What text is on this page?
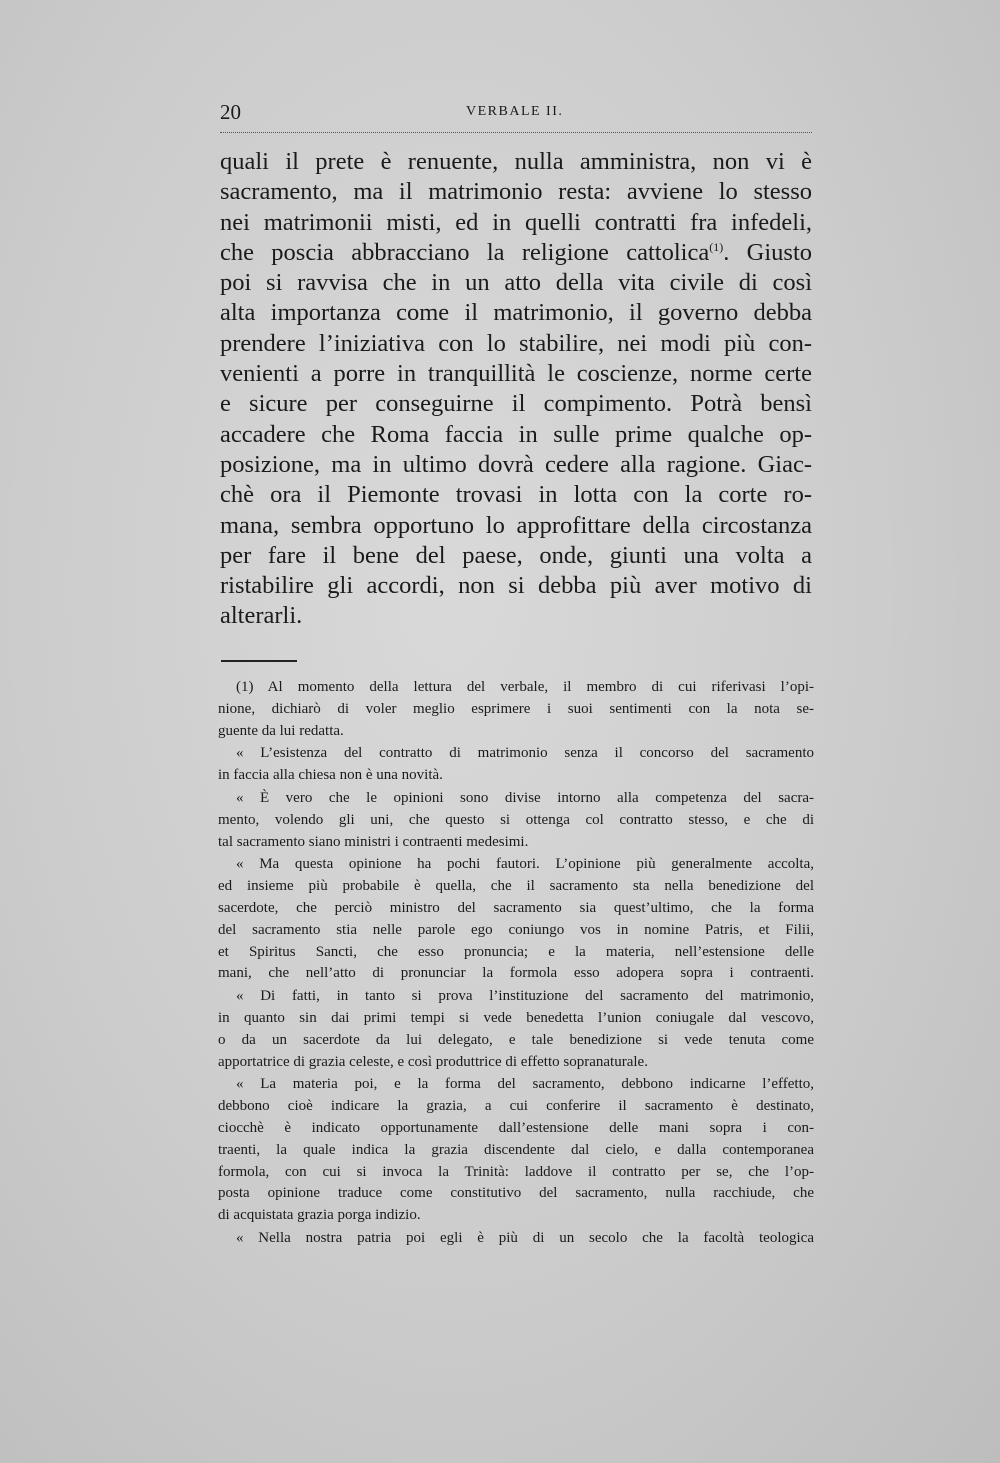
20	VERBALE II.
quali il prete è renuente, nulla amministra, non vi è
sacramento, ma il matrimonio resta: avviene lo stesso
nei matrimonii misti, ed in quelli contratti fra infedeli,
che poscia abbracciano la religione cattolica$^{(1)}$. Giusto
poi si ravvisa che in un atto della vita civile di così
alta importanza come il matrimonio, il governo debba
prendere l’iniziativa con lo stabilire, nei modi più con-
venienti a porre in tranquillità le coscienze, norme certe
e sicure per conseguirne il compimento. Potrà bensì
accadere che Roma faccia in sulle prime qualche op-
posizione, ma in ultimo dovrà cedere alla ragione. Giac-
chè ora il Piemonte trovasi in lotta con la corte ro-
mana, sembra opportuno lo approfittare della circostanza
per fare il bene del paese, onde, giunti una volta a
ristabilire gli accordi, non si debba più aver motivo di
alterarli.
(1) Al momento della lettura del verbale, il membro di cui riferivasi l’opi-
nione, dichiarò di voler meglio esprimere i suoi sentimenti con la nota se-
guente da lui redatta.
« L’esistenza del contratto di matrimonio senza il concorso del sacramento
in faccia alla chiesa non è una novità.
« È vero che le opinioni sono divise intorno alla competenza del sacra-
mento, volendo gli uni, che questo si ottenga col contratto stesso, e che di
tal sacramento siano ministri i contraenti medesimi.
« Ma questa opinione ha pochi fautori. L’opinione più generalmente accolta,
ed insieme più probabile è quella, che il sacramento sta nella benedizione del
sacerdote, che perciò ministro del sacramento sia quest’ultimo, che la forma
del sacramento stia nelle parole ego coniungo vos in nomine Patris, et Filii,
et Spiritus Sancti, che esso pronuncia; e la materia, nell’estensione delle
mani, che nell’atto di pronunciar la formola esso adopera sopra i contraenti.
« Di fatti, in tanto si prova l’instituzione del sacramento del matrimonio,
in quanto sin dai primi tempi si vede benedetta l’union coniugale dal vescovo,
o da un sacerdote da lui delegato, e tale benedizione si vede tenuta come
apportatrice di grazia celeste, e così produttrice di effetto sopranaturale.
« La materia poi, e la forma del sacramento, debbono indicarne l’effetto,
debbono cioè indicare la grazia, a cui conferire il sacramento è destinato,
ciocchè è indicato opportunamente dall’estensione delle mani sopra i con-
traenti, la quale indica la grazia discendente dal cielo, e dalla contemporanea
formola, con cui si invoca la Trinità: laddove il contratto per se, che l’op-
posta opinione traduce come constitutivo del sacramento, nulla racchiude, che
di acquistata grazia porga indizio.
« Nella nostra patria poi egli è più di un secolo che la facoltà teologica
